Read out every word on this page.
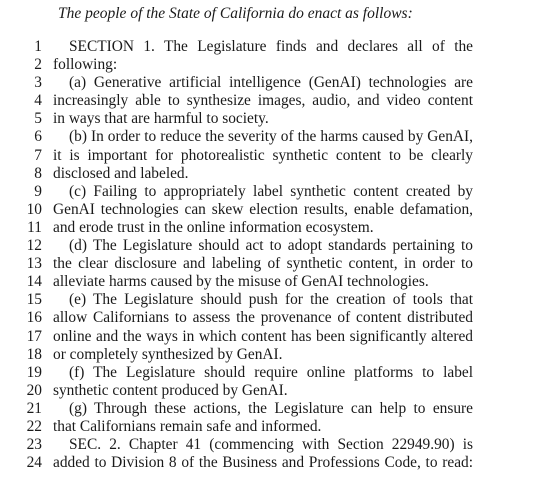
The people of the State of California do enact as follows:
1 SECTION 1. The Legislature finds and declares all of the
2 following:
3 (a) Generative artificial intelligence (GenAI) technologies are
4 increasingly able to synthesize images, audio, and video content
5 in ways that are harmful to society.
6 (b) In order to reduce the severity of the harms caused by GenAI,
7 it is important for photorealistic synthetic content to be clearly
8 disclosed and labeled.
9 (c) Failing to appropriately label synthetic content created by
10 GenAI technologies can skew election results, enable defamation,
11 and erode trust in the online information ecosystem.
12 (d) The Legislature should act to adopt standards pertaining to
13 the clear disclosure and labeling of synthetic content, in order to
14 alleviate harms caused by the misuse of GenAI technologies.
15 (e) The Legislature should push for the creation of tools that
16 allow Californians to assess the provenance of content distributed
17 online and the ways in which content has been significantly altered
18 or completely synthesized by GenAI.
19 (f) The Legislature should require online platforms to label
20 synthetic content produced by GenAI.
21 (g) Through these actions, the Legislature can help to ensure
22 that Californians remain safe and informed.
23 SEC. 2. Chapter 41 (commencing with Section 22949.90) is
24 added to Division 8 of the Business and Professions Code, to read:
